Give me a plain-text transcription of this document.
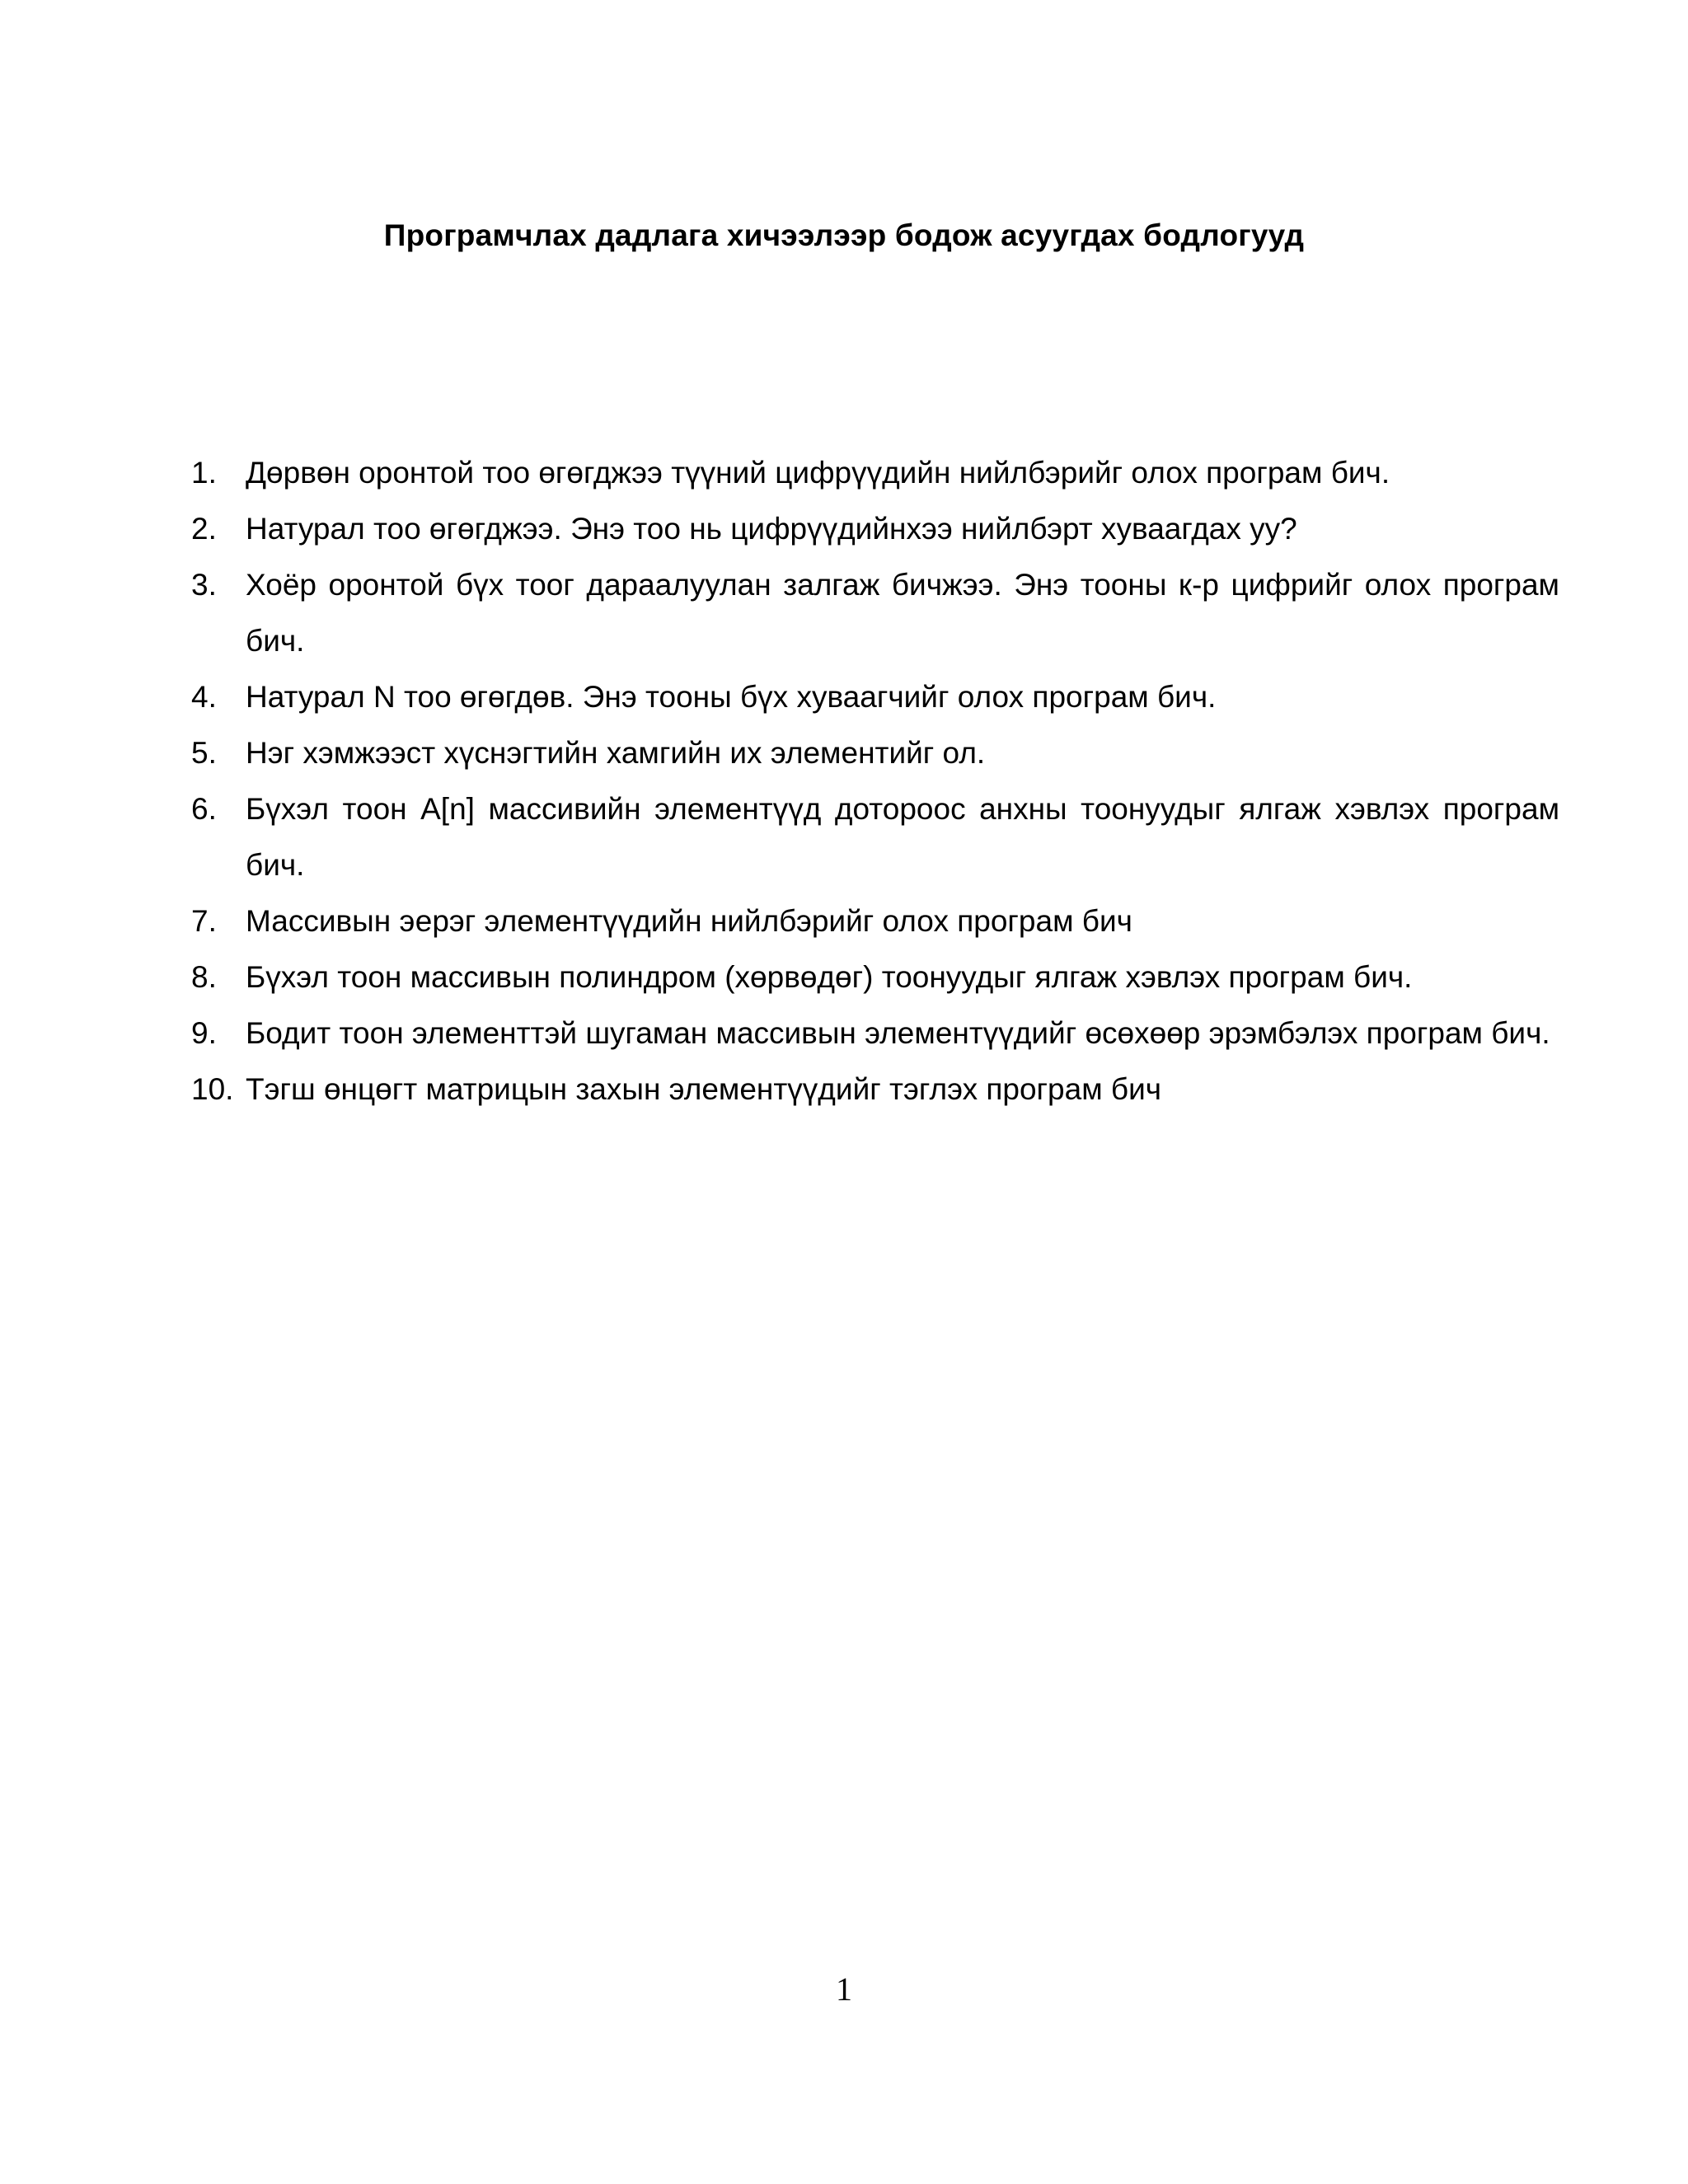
Програмчлах дадлага хичээлээр бодож асуугдах бодлогууд
1. Дөрвөн оронтой тоо өгөгджээ түүний цифрүүдийн нийлбэрийг олох програм бич.
2. Натурал тоо өгөгджээ. Энэ тоо нь цифрүүдийнхээ нийлбэрт хуваагдах уу?
3. Хоёр оронтой бүх тоог дараалуулан залгаж бичжээ. Энэ тооны к-р цифрийг олох програм бич.
4. Натурал N тоо өгөгдөв. Энэ тооны бүх хуваагчийг олох програм бич.
5. Нэг хэмжээст хүснэгтийн хамгийн их элементийг ол.
6. Бүхэл тоон A[n] массивийн элементүүд дотороос анхны тоонуудыг ялгаж хэвлэх програм бич.
7. Массивын эерэг элементүүдийн нийлбэрийг олох програм бич
8. Бүхэл тоон массивын полиндром (хөрвөдөг) тоонуудыг ялгаж хэвлэх програм бич.
9. Бодит тоон элементтэй шугаман массивын элементүүдийг өсөхөөр эрэмбэлэх програм бич.
10. Тэгш өнцөгт матрицын захын элементүүдийг тэглэх програм бич
1
